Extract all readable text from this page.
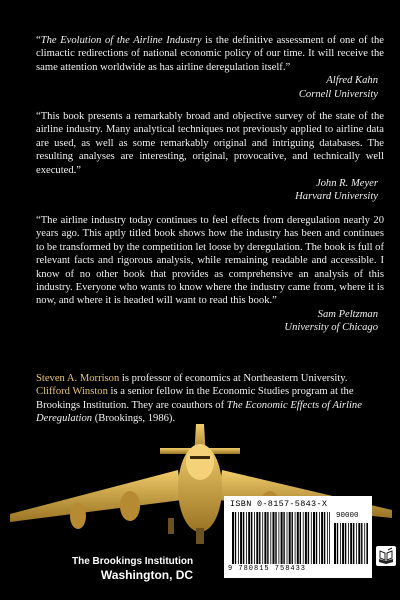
“The Evolution of the Airline Industry is the definitive assessment of one of the climactic redirections of national economic policy of our time. It will receive the same attention worldwide as has airline deregulation itself.”

Alfred Kahn
Cornell University

“This book presents a remarkably broad and objective survey of the state of the airline industry. Many analytical techniques not previously applied to airline data are used, as well as some remarkably original and intriguing databases. The resulting analyses are interesting, original, provocative, and technically well executed.”

John R. Meyer
Harvard University

“The airline industry today continues to feel effects from deregulation nearly 20 years ago. This aptly titled book shows how the industry has been and continues to be transformed by the competition let loose by deregulation. The book is full of relevant facts and rigorous analysis, while remaining readable and accessible. I know of no other book that provides as comprehensive an analysis of this industry. Everyone who wants to know where the industry came from, where it is now, and where it is headed will want to read this book.”

Sam Peltzman
University of Chicago
Steven A. Morrison is professor of economics at Northeastern University. Clifford Winston is a senior fellow in the Economic Studies program at the Brookings Institution. They are coauthors of The Economic Effects of Airline Deregulation (Brookings, 1986).
The Brookings Institution
Washington, DC
ISBN 0-8157-5843-X
90000
9 780815 758433
